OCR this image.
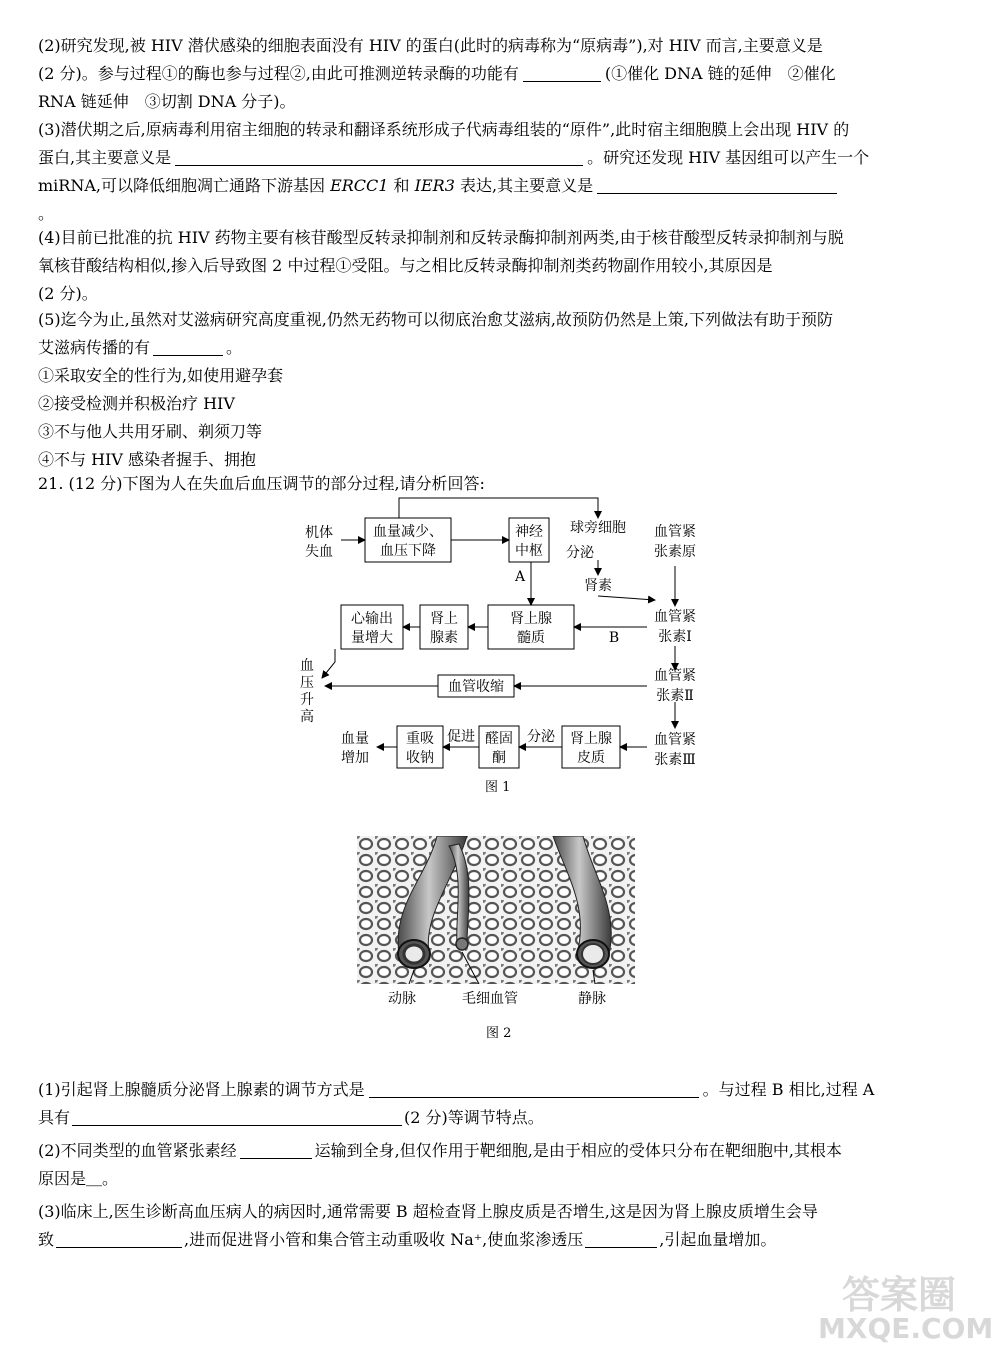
(2)研究发现,被 HIV 潜伏感染的细胞表面没有 HIV 的蛋白(此时的病毒称为“原病毒”),对 HIV 而言,主要意义是
(2 分)。参与过程①的酶也参与过程②,由此可推测逆转录酶的功能有	(①催化 DNA 链的延伸　②催化
RNA 链延伸　③切割 DNA 分子)。
(3)潜伏期之后,原病毒利用宿主细胞的转录和翻译系统形成子代病毒组装的“原件”,此时宿主细胞膜上会出现 HIV 的
蛋白,其主要意义是	。研究还发现 HIV 基因组可以产生一个
miRNA,可以降低细胞凋亡通路下游基因 ERCC1 和 IER3 表达,其主要意义是
。
(4)目前已批准的抗 HIV 药物主要有核苷酸型反转录抑制剂和反转录酶抑制剂两类,由于核苷酸型反转录抑制剂与脱
氧核苷酸结构相似,掺入后导致图 2 中过程①受阻。与之相比反转录酶抑制剂类药物副作用较小,其原因是
(2 分)。
(5)迄今为止,虽然对艾滋病研究高度重视,仍然无药物可以彻底治愈艾滋病,故预防仍然是上策,下列做法有助于预防
艾滋病传播的有	。
①采取安全的性行为,如使用避孕套
②接受检测并积极治疗 HIV
③不与他人共用牙刷、剃须刀等
④不与 HIV 感染者握手、拥抱
21. (12 分)下图为人在失血后血压调节的部分过程,请分析回答:
机体
失血
血量减少、
血压下降
神经
中枢
A
球旁细胞
分泌
肾素
血管紧
张素原
血管紧
张素Ⅰ
B
肾上腺
髓质
肾上
腺素
心输出
量增大
血
压
升
高
血管收缩
血管紧
张素Ⅱ
血管紧
张素Ⅲ
肾上腺
皮质
分泌
醛固
酮
促进
重吸
收钠
血量
增加
图 1
动脉	毛细血管	静脉
图 2
(1)引起肾上腺髓质分泌肾上腺素的调节方式是	。与过程 B 相比,过程 A
具有	(2 分)等调节特点。
(2)不同类型的血管紧张素经	运输到全身,但仅作用于靶细胞,是由于相应的受体只分布在靶细胞中,其根本
原因是＿。
(3)临床上,医生诊断高血压病人的病因时,通常需要 B 超检查肾上腺皮质是否增生,这是因为肾上腺皮质增生会导
致	,进而促进肾小管和集合管主动重吸收 Na⁺,使血浆渗透压	,引起血量增加。
答案圈
MXQE.COM
